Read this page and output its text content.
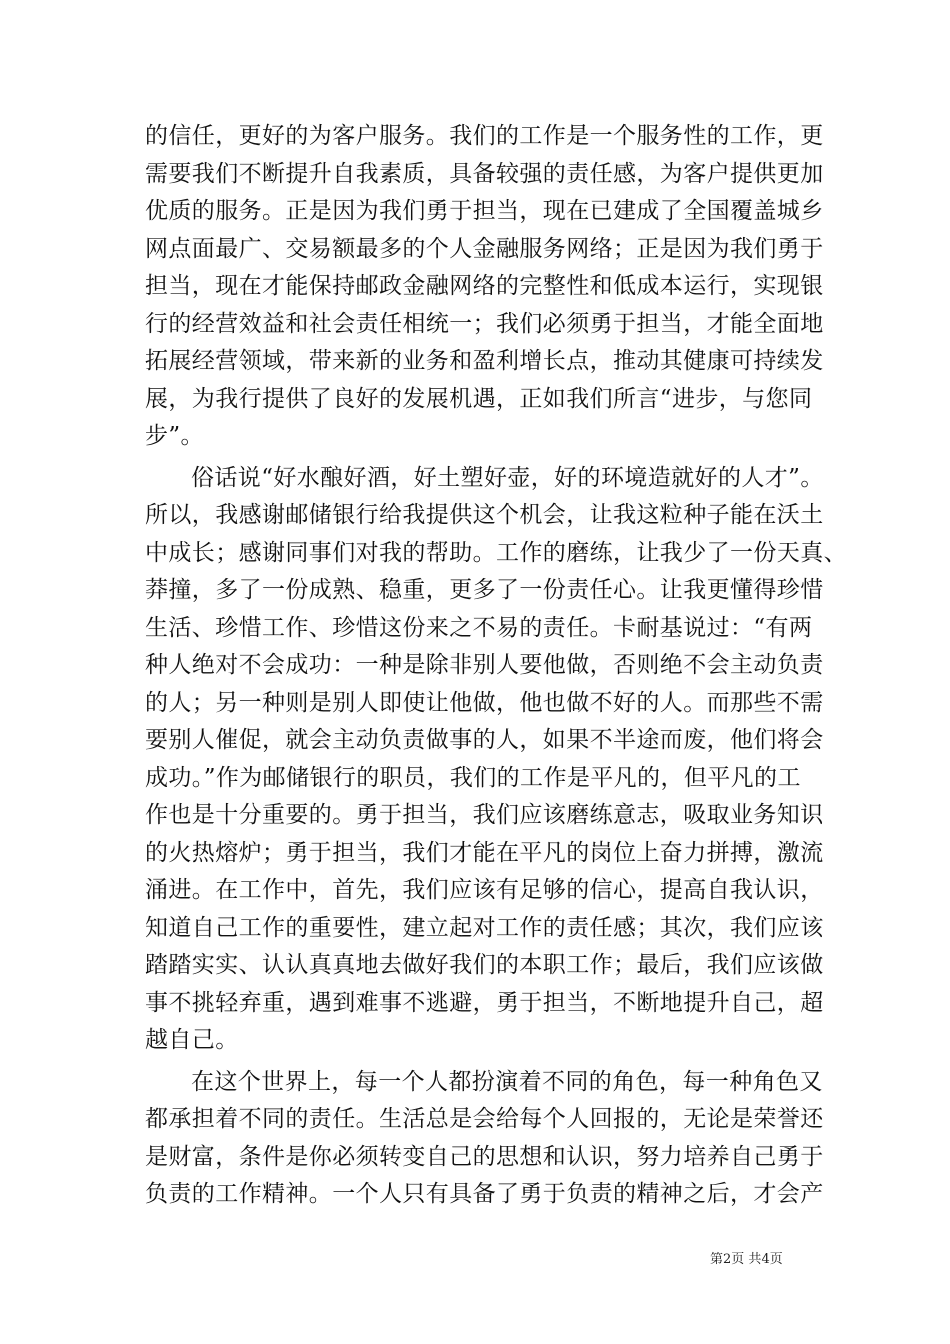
的信任，更好的为客户服务。我们的工作是一个服务性的工作，更
需要我们不断提升自我素质，具备较强的责任感，为客户提供更加
优质的服务。正是因为我们勇于担当，现在已建成了全国覆盖城乡
网点面最广、交易额最多的个人金融服务网络；正是因为我们勇于
担当，现在才能保持邮政金融网络的完整性和低成本运行，实现银
行的经营效益和社会责任相统一；我们必须勇于担当，才能全面地
拓展经营领域，带来新的业务和盈利增长点，推动其健康可持续发
展，为我行提供了良好的发展机遇，正如我们所言“进步，与您同
步”。
俗话说“好水酿好酒，好土塑好壶，好的环境造就好的人才”。
所以，我感谢邮储银行给我提供这个机会，让我这粒种子能在沃土
中成长；感谢同事们对我的帮助。工作的磨练，让我少了一份天真、
莽撞，多了一份成熟、稳重，更多了一份责任心。让我更懂得珍惜
生活、珍惜工作、珍惜这份来之不易的责任。卡耐基说过：“有两
种人绝对不会成功：一种是除非别人要他做，否则绝不会主动负责
的人；另一种则是别人即使让他做，他也做不好的人。而那些不需
要别人催促，就会主动负责做事的人，如果不半途而废，他们将会
成功。”作为邮储银行的职员，我们的工作是平凡的，但平凡的工
作也是十分重要的。勇于担当，我们应该磨练意志，吸取业务知识
的火热熔炉；勇于担当，我们才能在平凡的岗位上奋力拼搏，激流
涌进。在工作中，首先，我们应该有足够的信心，提高自我认识，
知道自己工作的重要性，建立起对工作的责任感；其次，我们应该
踏踏实实、认认真真地去做好我们的本职工作；最后，我们应该做
事不挑轻弃重，遇到难事不逃避，勇于担当，不断地提升自己，超
越自己。
在这个世界上，每一个人都扮演着不同的角色，每一种角色又
都承担着不同的责任。生活总是会给每个人回报的，无论是荣誉还
是财富，条件是你必须转变自己的思想和认识，努力培养自己勇于
负责的工作精神。一个人只有具备了勇于负责的精神之后，才会产
第2页 共4页
